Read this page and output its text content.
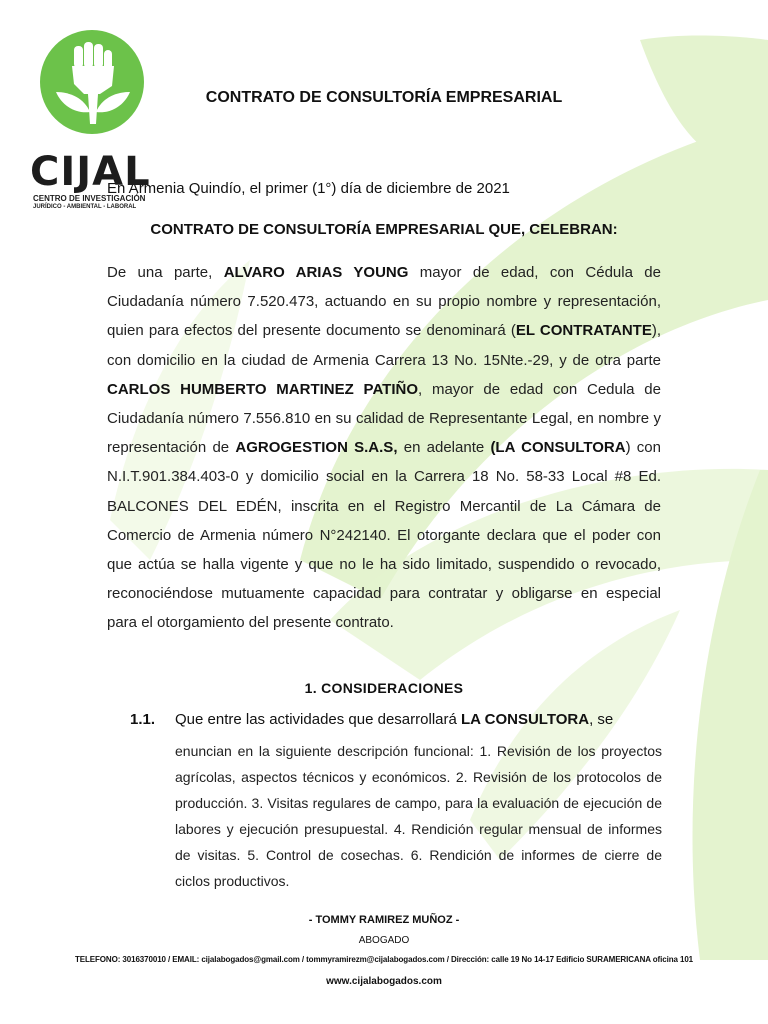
CIJAL
CENTRO DE INVESTIGACIÓN
JURÍDICO - AMBIENTAL - LABORAL
CONTRATO DE CONSULTORÍA EMPRESARIAL
En Armenia Quindío, el primer (1°) día de diciembre de 2021
CONTRATO DE CONSULTORÍA EMPRESARIAL QUE, CELEBRAN:
De una parte, ALVARO ARIAS YOUNG mayor de edad, con Cédula de Ciudadanía número 7.520.473, actuando en su propio nombre y representación, quien para efectos del presente documento se denominará (EL CONTRATANTE), con domicilio en la ciudad de Armenia Carrera 13 No. 15Nte.-29, y de otra parte CARLOS HUMBERTO MARTINEZ PATIÑO, mayor de edad con Cedula de Ciudadanía número 7.556.810 en su calidad de Representante Legal, en nombre y representación de AGROGESTION S.A.S, en adelante (LA CONSULTORA) con N.I.T.901.384.403-0 y domicilio social en la Carrera 18 No. 58-33 Local #8 Ed. BALCONES DEL EDÉN, inscrita en el Registro Mercantil de La Cámara de Comercio de Armenia número N°242140. El otorgante declara que el poder con que actúa se halla vigente y que no le ha sido limitado, suspendido o revocado, reconociéndose mutuamente capacidad para contratar y obligarse en especial para el otorgamiento del presente contrato.
1. CONSIDERACIONES
1.1. Que entre las actividades que desarrollará LA CONSULTORA, se
enuncian en la siguiente descripción funcional: 1. Revisión de los proyectos agrícolas, aspectos técnicos y económicos. 2. Revisión de los protocolos de producción. 3. Visitas regulares de campo, para la evaluación de ejecución de labores y ejecución presupuestal. 4. Rendición regular mensual de informes de visitas. 5. Control de cosechas. 6. Rendición de informes de cierre de ciclos productivos.
- TOMMY RAMIREZ MUÑOZ -
ABOGADO
TELEFONO: 3016370010 / EMAIL: cijalabogados@gmail.com / tommyramirezm@cijalabogados.com / Dirección: calle 19 No 14-17 Edificio SURAMERICANA oficina 101
www.cijalabogados.com
